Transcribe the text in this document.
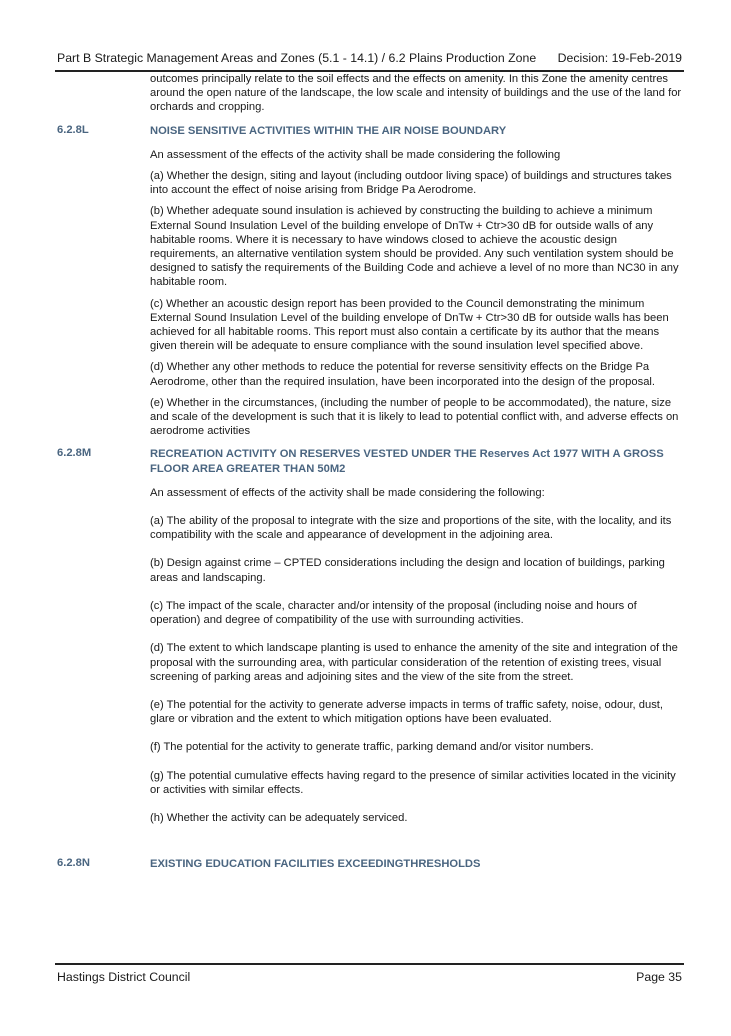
Part B Strategic Management Areas and Zones (5.1 - 14.1) / 6.2 Plains Production Zone Decision: 19-Feb-2019

outcomes principally relate to the soil effects and the effects on amenity. In this Zone the amenity centres around the open nature of the landscape, the low scale and intensity of buildings and the use of the land for orchards and cropping.

6.2.8L	NOISE SENSITIVE ACTIVITIES WITHIN THE AIR NOISE BOUNDARY

An assessment of the effects of the activity shall be made considering the following

(a) Whether the design, siting and layout (including outdoor living space) of buildings and structures takes into account the effect of noise arising from Bridge Pa Aerodrome.

(b) Whether adequate sound insulation is achieved by constructing the building to achieve a minimum External Sound Insulation Level of the building envelope of DnTw + Ctr>30 dB for outside walls of any habitable rooms. Where it is necessary to have windows closed to achieve the acoustic design requirements, an alternative ventilation system should be provided. Any such ventilation system should be designed to satisfy the requirements of the Building Code and achieve a level of no more than NC30 in any habitable room.

(c) Whether an acoustic design report has been provided to the Council demonstrating the minimum External Sound Insulation Level of the building envelope of DnTw + Ctr>30 dB for outside walls has been achieved for all habitable rooms. This report must also contain a certificate by its author that the means given therein will be adequate to ensure compliance with the sound insulation level specified above.

(d) Whether any other methods to reduce the potential for reverse sensitivity effects on the Bridge Pa Aerodrome, other than the required insulation, have been incorporated into the design of the proposal.

(e) Whether in the circumstances, (including the number of people to be accommodated), the nature, size and scale of the development is such that it is likely to lead to potential conflict with, and adverse effects on aerodrome activities

6.2.8M	RECREATION ACTIVITY ON RESERVES VESTED UNDER THE Reserves Act 1977 WITH A GROSS FLOOR AREA GREATER THAN 50M2

An assessment of effects of the activity shall be made considering the following:

(a) The ability of the proposal to integrate with the size and proportions of the site, with the locality, and its compatibility with the scale and appearance of development in the adjoining area.

(b) Design against crime – CPTED considerations including the design and location of buildings, parking areas and landscaping.

(c) The impact of the scale, character and/or intensity of the proposal (including noise and hours of operation) and degree of compatibility of the use with surrounding activities.

(d) The extent to which landscape planting is used to enhance the amenity of the site and integration of the proposal with the surrounding area, with particular consideration of the retention of existing trees, visual screening of parking areas and adjoining sites and the view of the site from the street.

(e) The potential for the activity to generate adverse impacts in terms of traffic safety, noise, odour, dust, glare or vibration and the extent to which mitigation options have been evaluated.

(f) The potential for the activity to generate traffic, parking demand and/or visitor numbers.

(g) The potential cumulative effects having regard to the presence of similar activities located in the vicinity or activities with similar effects.

(h) Whether the activity can be adequately serviced.

6.2.8N	EXISTING EDUCATION FACILITIES EXCEEDINGTHRESHOLDS
Hastings District Council	Page 35
